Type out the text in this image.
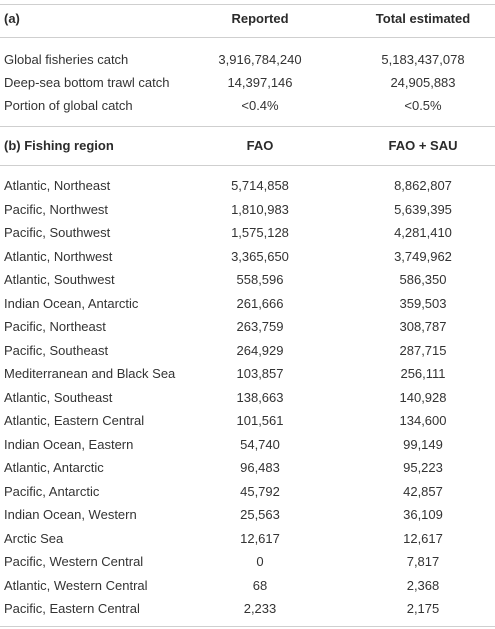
(a)	Reported	Total estimated
Global fisheries catch	3,916,784,240	5,183,437,078
Deep-sea bottom trawl catch	14,397,146	24,905,883
Portion of global catch	<0.4%	<0.5%
(b) Fishing region	FAO	FAO + SAU
Atlantic, Northeast	5,714,858	8,862,807
Pacific, Northwest	1,810,983	5,639,395
Pacific, Southwest	1,575,128	4,281,410
Atlantic, Northwest	3,365,650	3,749,962
Atlantic, Southwest	558,596	586,350
Indian Ocean, Antarctic	261,666	359,503
Pacific, Northeast	263,759	308,787
Pacific, Southeast	264,929	287,715
Mediterranean and Black Sea	103,857	256,111
Atlantic, Southeast	138,663	140,928
Atlantic, Eastern Central	101,561	134,600
Indian Ocean, Eastern	54,740	99,149
Atlantic, Antarctic	96,483	95,223
Pacific, Antarctic	45,792	42,857
Indian Ocean, Western	25,563	36,109
Arctic Sea	12,617	12,617
Pacific, Western Central	0	7,817
Atlantic, Western Central	68	2,368
Pacific, Eastern Central	2,233	2,175
